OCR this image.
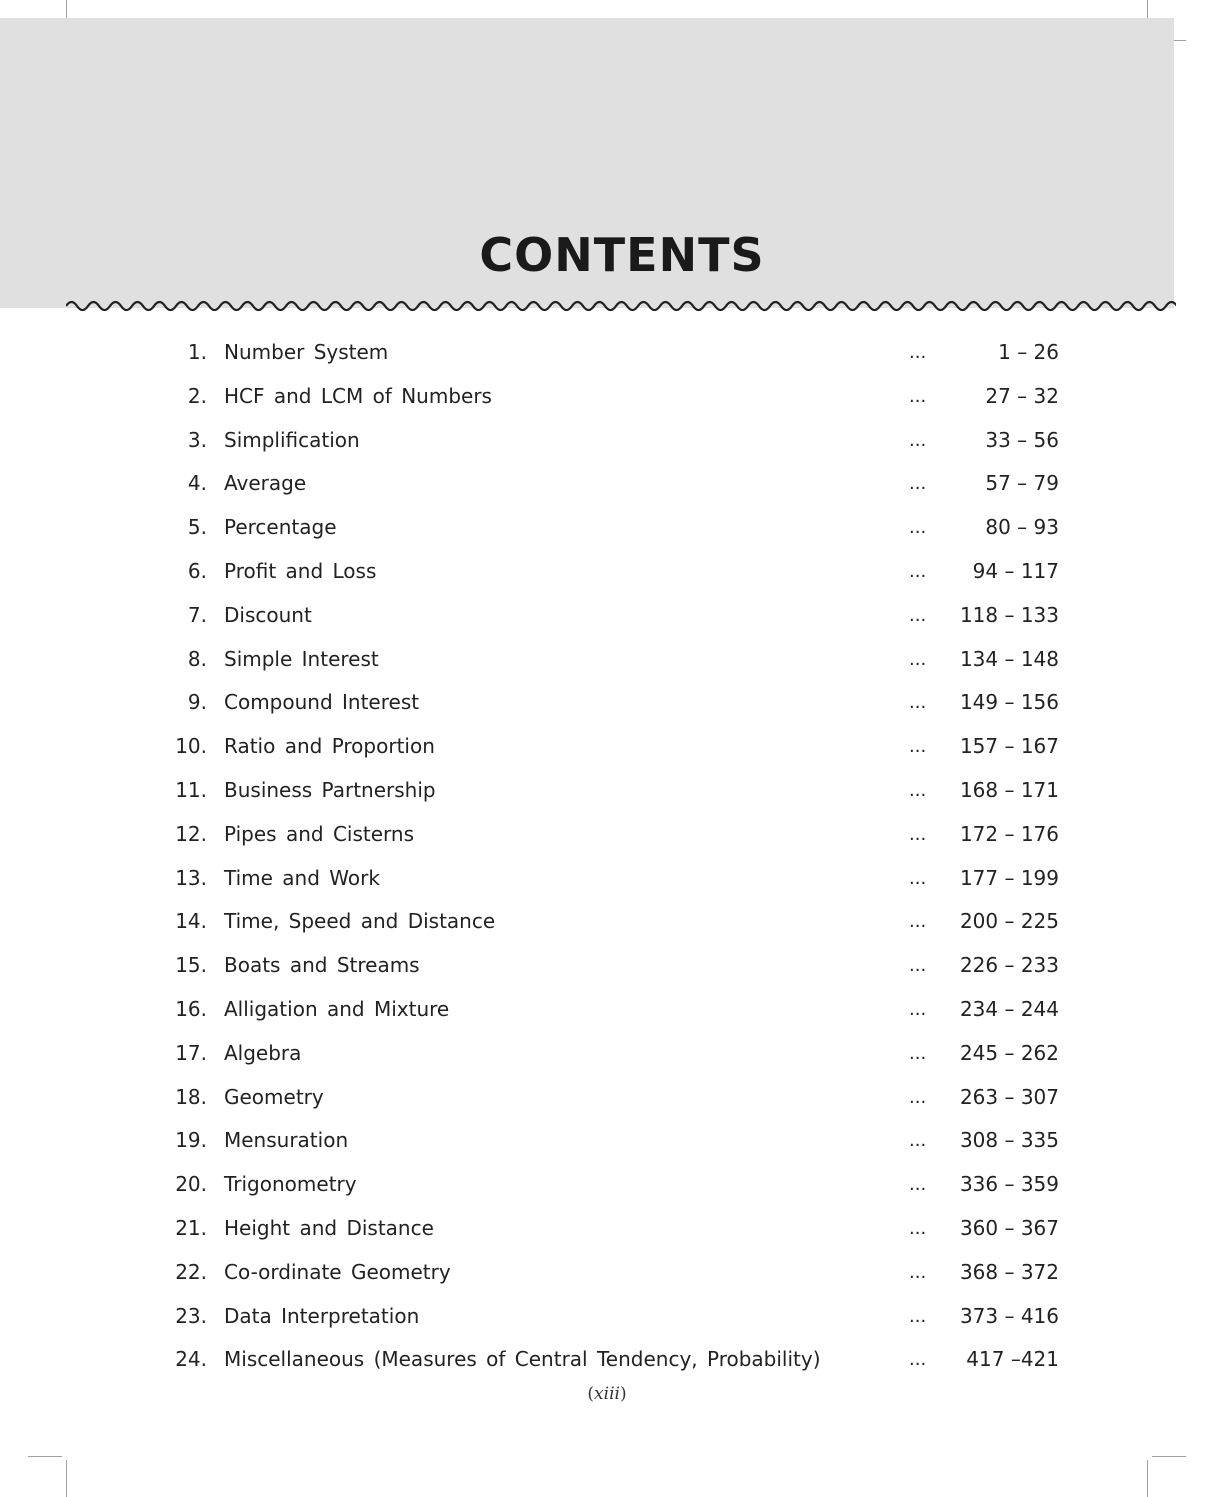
CONTENTS
1. Number System	...	1 – 26
2. HCF and LCM of Numbers	...	27 – 32
3. Simplification	...	33 – 56
4. Average	...	57 – 79
5. Percentage	...	80 – 93
6. Profit and Loss	...	94 – 117
7. Discount	...	118 – 133
8. Simple Interest	...	134 – 148
9. Compound Interest	...	149 – 156
10. Ratio and Proportion	...	157 – 167
11. Business Partnership	...	168 – 171
12. Pipes and Cisterns	...	172 – 176
13. Time and Work	...	177 – 199
14. Time, Speed and Distance	...	200 – 225
15. Boats and Streams	...	226 – 233
16. Alligation and Mixture	...	234 – 244
17. Algebra	...	245 – 262
18. Geometry	...	263 – 307
19. Mensuration	...	308 – 335
20. Trigonometry	...	336 – 359
21. Height and Distance	...	360 – 367
22. Co-ordinate Geometry	...	368 – 372
23. Data Interpretation	...	373 – 416
24. Miscellaneous (Measures of Central Tendency, Probability)	...	417 –421
(xiii)
